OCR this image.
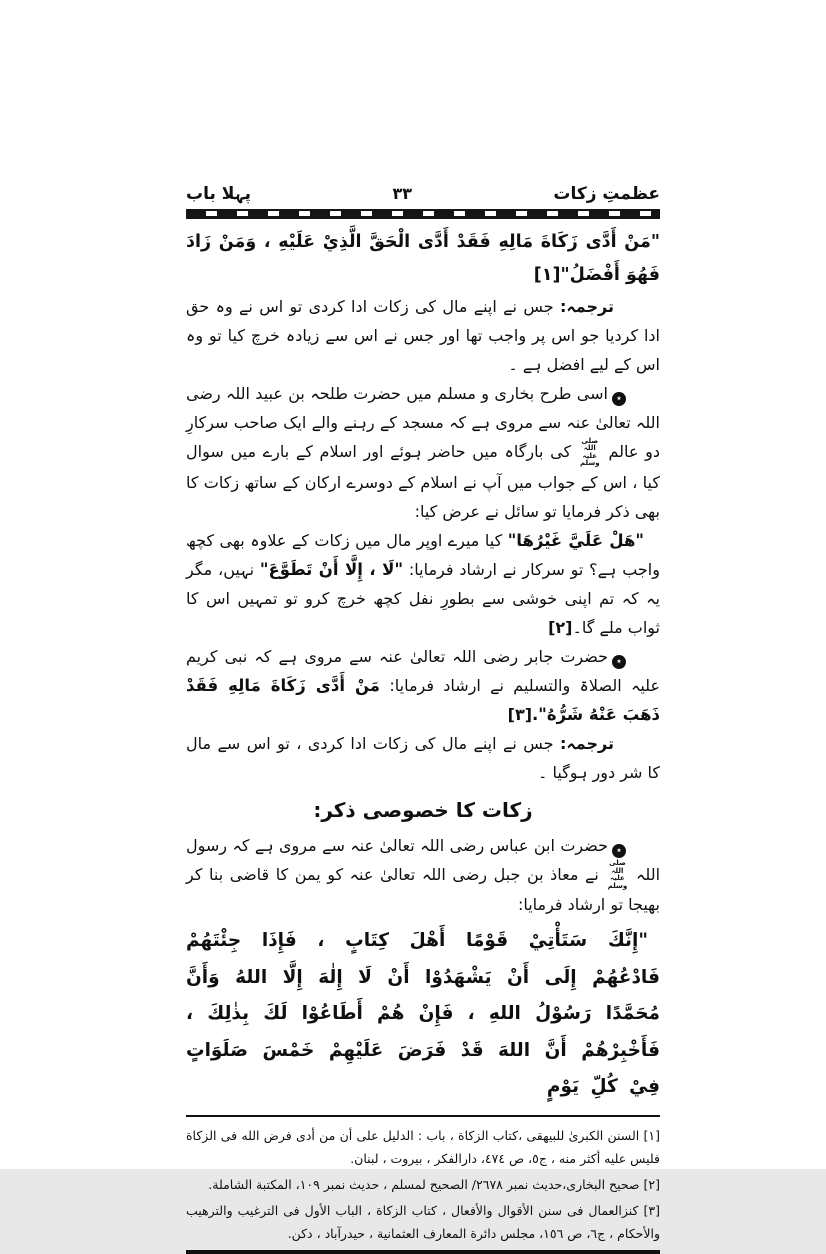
عظمتِ زکات
۳۳
پہلا باب

"مَنْ أَدَّى زَكَاةَ مَالِهِ فَقَدْ أَدَّى الْحَقَّ الَّذِيْ عَلَيْهِ ، وَمَنْ زَادَ فَهُوَ أَفْضَلُ"[١]

ترجمہ: جس نے اپنے مال کی زکات ادا کردی تو اس نے وہ حق ادا کردیا جو اس پر واجب تھا اور جس نے اس سے زیادہ خرچ کیا تو وہ اس کے لیے افضل ہے ۔

٭اسی طرح بخاری و مسلم میں حضرت طلحہ بن عبید اللہ رضی اللہ تعالیٰ عنہ سے مروی ہے کہ مسجد کے رہنے والے ایک صاحب سرکارِ دو عالم صلی اللہ علیہ وسلم کی بارگاہ میں حاضر ہوئے اور اسلام کے بارے میں سوال کیا ، اس کے جواب میں آپ نے اسلام کے دوسرے ارکان کے ساتھ زکات کا بھی ذکر فرمایا تو سائل نے عرض کیا:

"هَلْ عَلَيَّ غَيْرُهَا" کیا میرے اوپر مال میں زکات کے علاوہ بھی کچھ واجب ہے؟ تو سرکار نے ارشاد فرمایا: "لَا ، إِلَّا أَنْ تَطَوَّعَ" نہیں، مگر یہ کہ تم اپنی خوشی سے بطورِ نفل کچھ خرچ کرو تو تمہیں اس کا ثواب ملے گا۔[۲]

٭حضرت جابر رضی اللہ تعالیٰ عنہ سے مروی ہے کہ نبی کریم علیہ الصلاۃ والتسلیم نے ارشاد فرمایا: مَنْ أَدَّى زَكَاةَ مَالِهِ فَقَدْ ذَهَبَ عَنْهُ شَرُّهُ".[۳]

ترجمہ: جس نے اپنے مال کی زکات ادا کردی ، تو اس سے مال کا شر دور ہوگیا ۔

زکات کا خصوصی ذکر:

٭حضرت ابن عباس رضی اللہ تعالیٰ عنہ سے مروی ہے کہ رسول اللہ صلی اللہ علیہ وسلم نے معاذ بن جبل رضی اللہ تعالیٰ عنہ کو یمن کا قاضی بنا کر بھیجا تو ارشاد فرمایا:

"إِنَّكَ سَتَأْتِيْ قَوْمًا أَهْلَ كِتَابٍ ، فَإِذَا جِئْتَهُمْ فَادْعُهُمْ إِلَى أَنْ يَشْهَدُوْا أَنْ لَا إِلٰهَ إِلَّا اللهُ وَأَنَّ مُحَمَّدًا رَسُوْلُ اللهِ ، فَإِنْ هُمْ أَطَاعُوْا لَكَ بِذٰلِكَ ، فَأَخْبِرْهُمْ أَنَّ اللهَ قَدْ فَرَضَ عَلَيْهِمْ خَمْسَ صَلَوَاتٍ فِيْ كُلِّ يَوْمٍ

[١] السنن الكبرىٰ للبيهقى ،كتاب الزكاة ، باب : الدليل على أن من أدى فرض الله فى الزكاة فليس عليه أكثر منه ، ج٥، ص ٤٧٤، دارالفكر ، بيروت ، لبنان.

[٢] صحيح البخارى،حديث نمبر ٢٦٧٨/ الصحيح لمسلم ، حديث نمبر ١٠٩، المكتبة الشاملة.

[٣] كنزالعمال فى سنن الأقوال والأفعال ، كتاب الزكاة ، الباب الأول فى الترغيب والترهيب والأحكام ، ج٦، ص ١٥٦، مجلس دائرة المعارف العثمانية ، حيدرآباد ، دكن.
